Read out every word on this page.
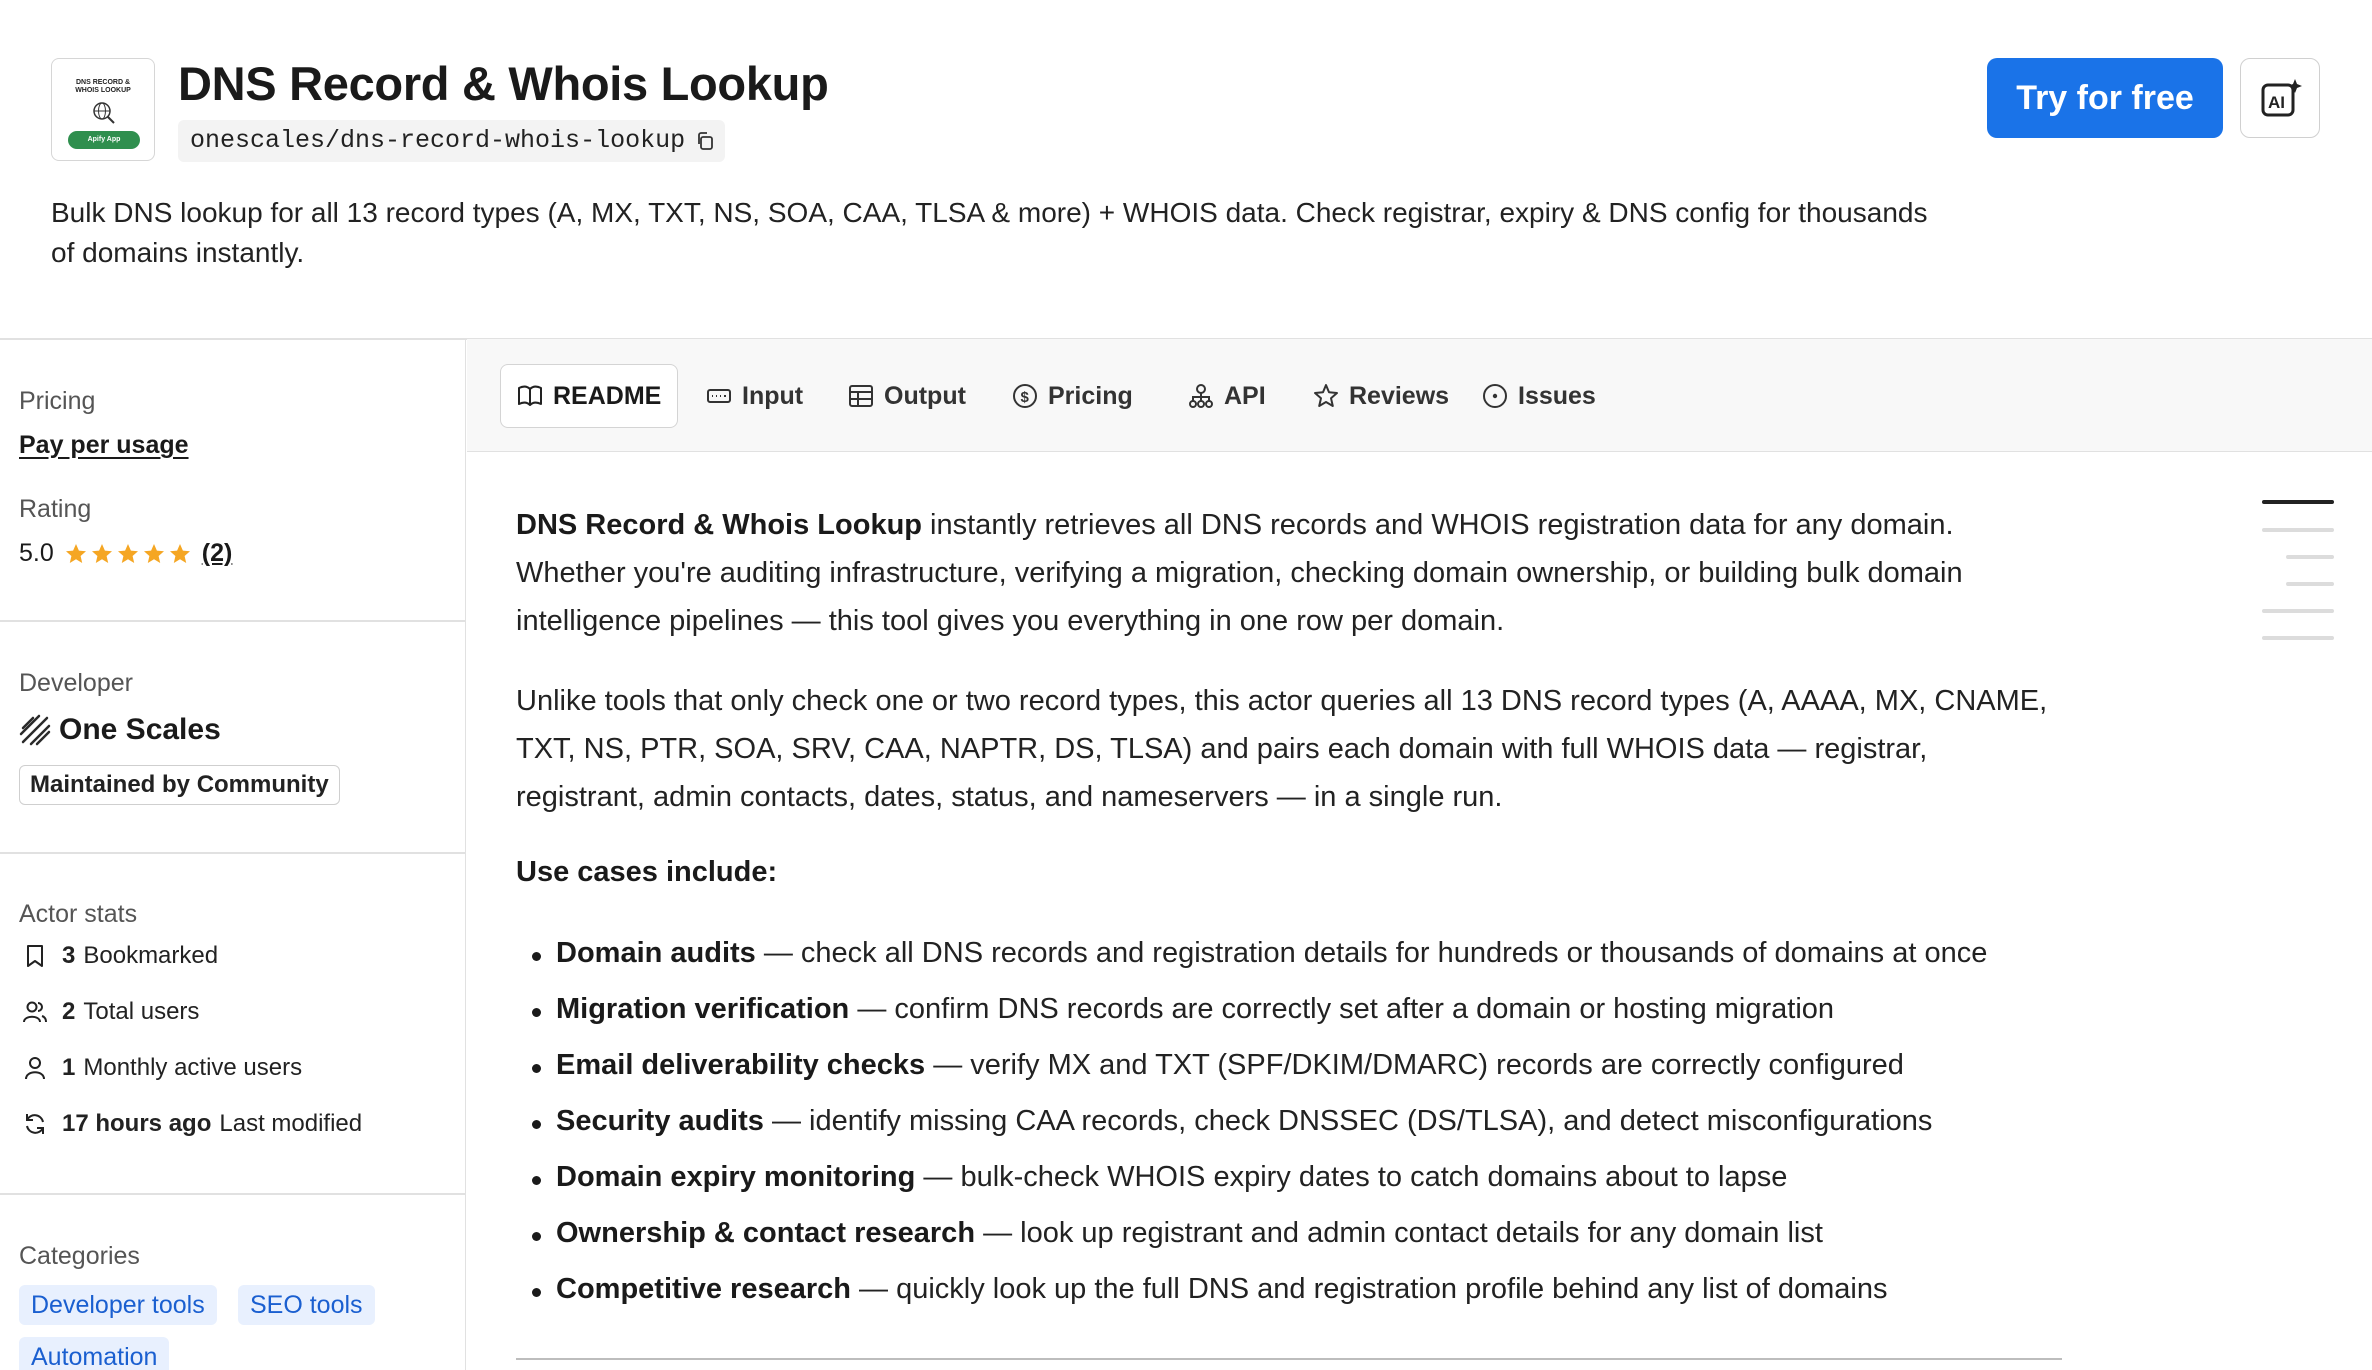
DNS RECORD &
WHOIS LOOKUP
Apify App
DNS Record & Whois Lookup
onescales/dns-record-whois-lookup
Bulk DNS lookup for all 13 record types (A, MX, TXT, NS, SOA, CAA, TLSA & more) + WHOIS data. Check registrar, expiry & DNS config for thousands of domains instantly.
Try for free	AI
Pricing
Pay per usage
Rating
5.0	(2)
Developer
One Scales
Maintained by Community
Actor stats
3 Bookmarked
2 Total users
1 Monthly active users
17 hours ago Last modified
Categories
Developer tools	SEO tools
Automation
README	Input	Output	$ Pricing	API	Reviews	Issues
DNS Record & Whois Lookup instantly retrieves all DNS records and WHOIS registration data for any domain. Whether you're auditing infrastructure, verifying a migration, checking domain ownership, or building bulk domain intelligence pipelines — this tool gives you everything in one row per domain.
Unlike tools that only check one or two record types, this actor queries all 13 DNS record types (A, AAAA, MX, CNAME, TXT, NS, PTR, SOA, SRV, CAA, NAPTR, DS, TLSA) and pairs each domain with full WHOIS data — registrar, registrant, admin contacts, dates, status, and nameservers — in a single run.
Use cases include:
Domain audits — check all DNS records and registration details for hundreds or thousands of domains at once
Migration verification — confirm DNS records are correctly set after a domain or hosting migration
Email deliverability checks — verify MX and TXT (SPF/DKIM/DMARC) records are correctly configured
Security audits — identify missing CAA records, check DNSSEC (DS/TLSA), and detect misconfigurations
Domain expiry monitoring — bulk-check WHOIS expiry dates to catch domains about to lapse
Ownership & contact research — look up registrant and admin contact details for any domain list
Competitive research — quickly look up the full DNS and registration profile behind any list of domains
